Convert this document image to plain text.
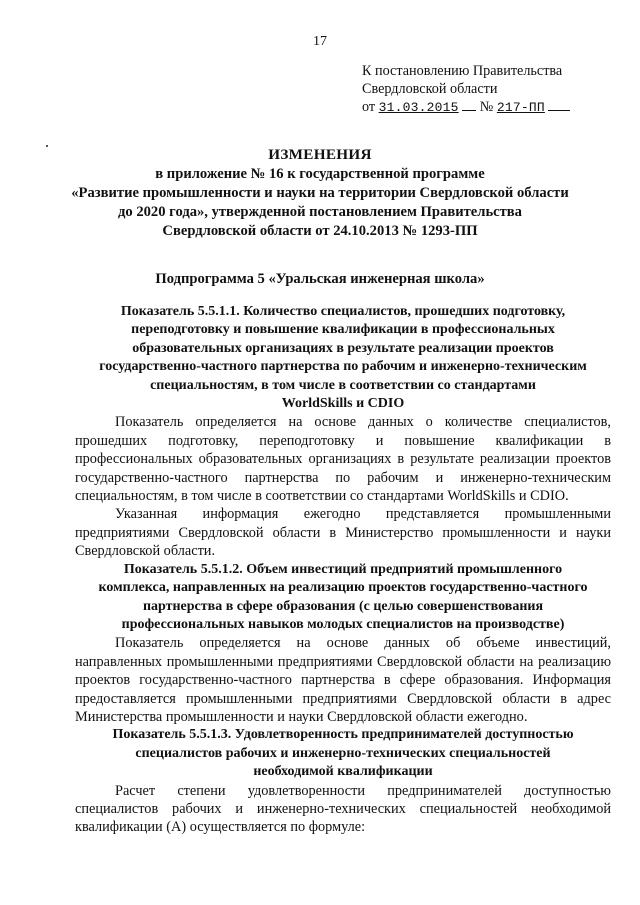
17
К постановлению Правительства
Свердловской области
от 31.03.2015 № 217-ПП
ИЗМЕНЕНИЯ
в приложение № 16 к государственной программе
«Развитие промышленности и науки на территории Свердловской области
до 2020 года», утвержденной постановлением Правительства
Свердловской области от 24.10.2013 № 1293-ПП
Подпрограмма 5 «Уральская инженерная школа»
Показатель 5.5.1.1. Количество специалистов, прошедших подготовку,
переподготовку и повышение квалификации в профессиональных
образовательных организациях в результате реализации проектов
государственно-частного партнерства по рабочим и инженерно-техническим
специальностям, в том числе в соответствии со стандартами
WorldSkills и CDIO

Показатель определяется на основе данных о количестве специалистов, прошедших подготовку, переподготовку и повышение квалификации в профессиональных образовательных организациях в результате реализации проектов государственно-частного партнерства по рабочим и инженерно-техническим специальностям, в том числе в соответствии со стандартами WorldSkills и CDIO.

Указанная информация ежегодно представляется промышленными предприятиями Свердловской области в Министерство промышленности и науки Свердловской области.

Показатель 5.5.1.2. Объем инвестиций предприятий промышленного
комплекса, направленных на реализацию проектов государственно-частного
партнерства в сфере образования (с целью совершенствования
профессиональных навыков молодых специалистов на производстве)

Показатель определяется на основе данных об объеме инвестиций, направленных промышленными предприятиями Свердловской области на реализацию проектов государственно-частного партнерства в сфере образования. Информация предоставляется промышленными предприятиями Свердловской области в адрес Министерства промышленности и науки Свердловской области ежегодно.

Показатель 5.5.1.3. Удовлетворенность предпринимателей доступностью
специалистов рабочих и инженерно-технических специальностей
необходимой квалификации

Расчет степени удовлетворенности предпринимателей доступностью специалистов рабочих и инженерно-технических специальностей необходимой квалификации (А) осуществляется по формуле:
